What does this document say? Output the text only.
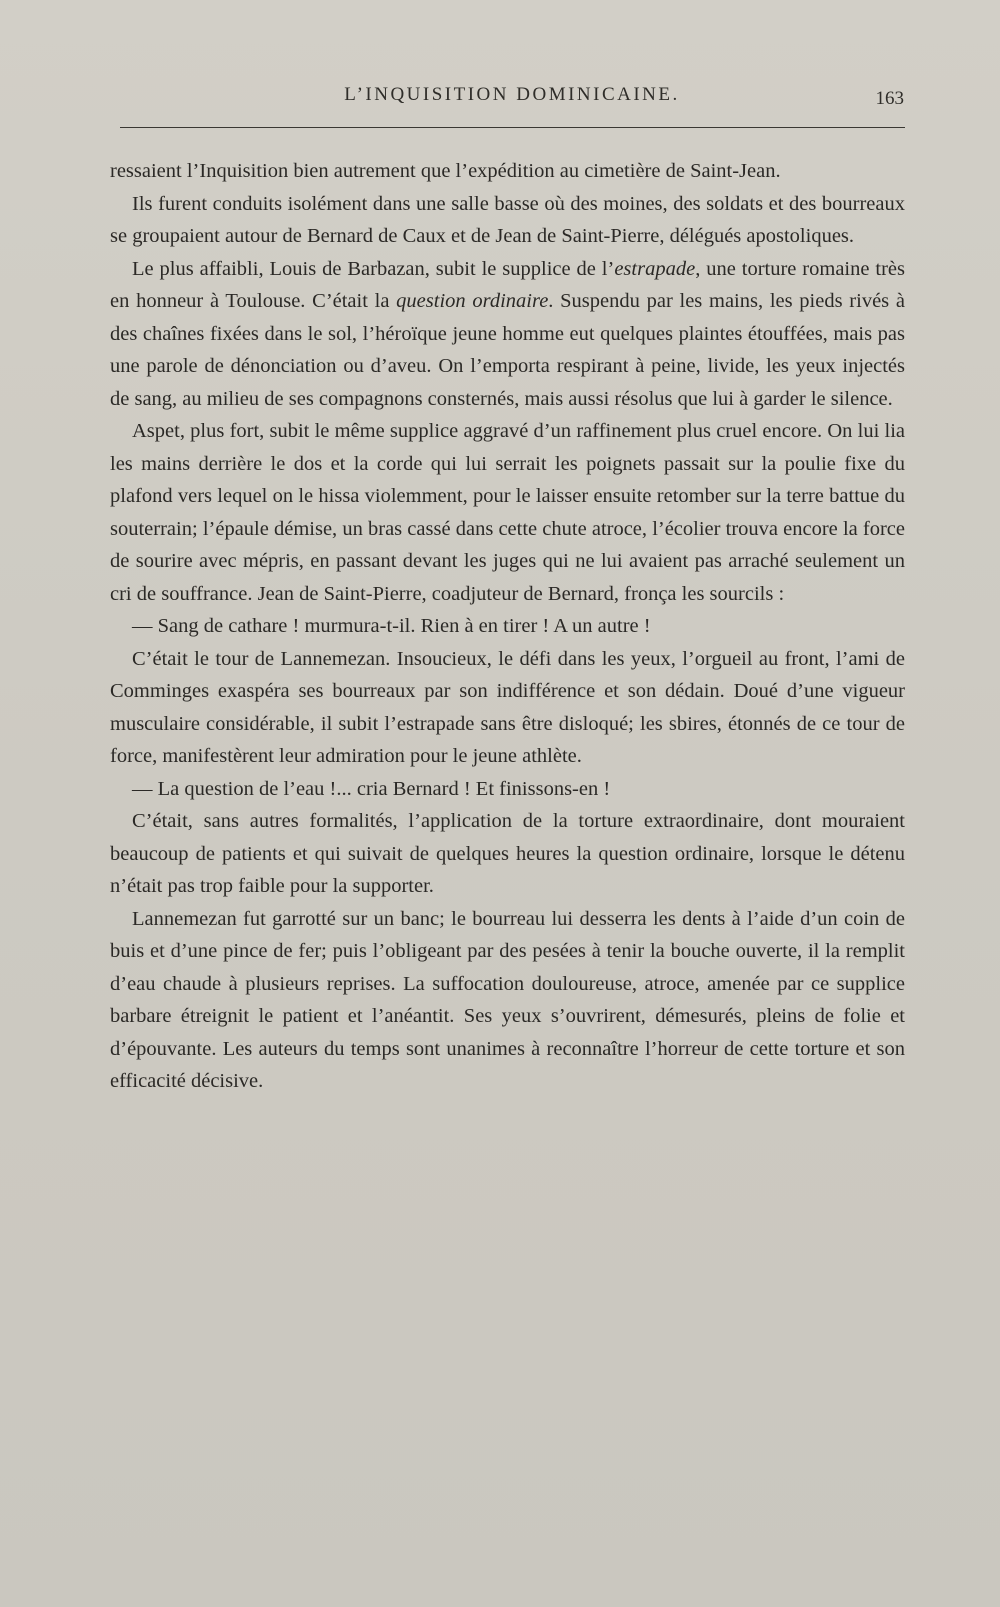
L’INQUISITION DOMINICAINE.	163

ressaient l’Inquisition bien autrement que l’expédition au cimetière de Saint-Jean.

Ils furent conduits isolément dans une salle basse où des moines, des soldats et des bourreaux se groupaient autour de Bernard de Caux et de Jean de Saint-Pierre, délégués apostoliques.

Le plus affaibli, Louis de Barbazan, subit le supplice de l’estrapade, une torture romaine très en honneur à Toulouse. C’était la question ordinaire. Suspendu par les mains, les pieds rivés à des chaînes fixées dans le sol, l’héroïque jeune homme eut quelques plaintes étouffées, mais pas une parole de dénonciation ou d’aveu. On l’emporta respirant à peine, livide, les yeux injectés de sang, au milieu de ses compagnons consternés, mais aussi résolus que lui à garder le silence.

Aspet, plus fort, subit le même supplice aggravé d’un raffinement plus cruel encore. On lui lia les mains derrière le dos et la corde qui lui serrait les poignets passait sur la poulie fixe du plafond vers lequel on le hissa violemment, pour le laisser ensuite retomber sur la terre battue du souterrain; l’épaule démise, un bras cassé dans cette chute atroce, l’écolier trouva encore la force de sourire avec mépris, en passant devant les juges qui ne lui avaient pas arraché seulement un cri de souffrance. Jean de Saint-Pierre, coadjuteur de Bernard, fronça les sourcils :

— Sang de cathare ! murmura-t-il. Rien à en tirer ! A un autre !

C’était le tour de Lannemezan. Insoucieux, le défi dans les yeux, l’orgueil au front, l’ami de Comminges exaspéra ses bourreaux par son indifférence et son dédain. Doué d’une vigueur musculaire considérable, il subit l’estrapade sans être disloqué; les sbires, étonnés de ce tour de force, manifestèrent leur admiration pour le jeune athlète.

— La question de l’eau !... cria Bernard ! Et finissons-en !

C’était, sans autres formalités, l’application de la torture extraordinaire, dont mouraient beaucoup de patients et qui suivait de quelques heures la question ordinaire, lorsque le détenu n’était pas trop faible pour la supporter.

Lannemezan fut garrotté sur un banc; le bourreau lui desserra les dents à l’aide d’un coin de buis et d’une pince de fer; puis l’obligeant par des pesées à tenir la bouche ouverte, il la remplit d’eau chaude à plusieurs reprises. La suffocation douloureuse, atroce, amenée par ce supplice barbare étreignit le patient et l’anéantit. Ses yeux s’ouvrirent, démesurés, pleins de folie et d’épouvante. Les auteurs du temps sont unanimes à reconnaître l’horreur de cette torture et son efficacité décisive.
